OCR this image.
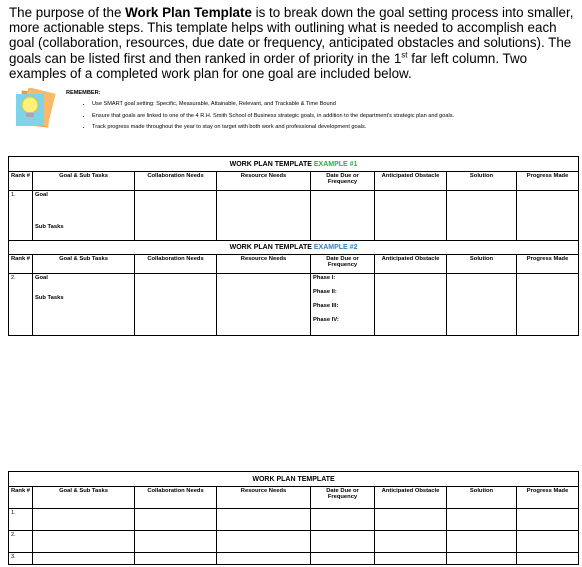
The purpose of the Work Plan Template is to break down the goal setting process into smaller, more actionable steps. This template helps with outlining what is needed to accomplish each goal (collaboration, resources, due date or frequency, anticipated obstacles and solutions). The goals can be listed first and then ranked in order of priority in the 1st far left column. Two examples of a completed work plan for one goal are included below.
REMEMBER:
• Use SMART goal setting: Specific, Measurable, Attainable, Relevant, and Trackable & Time Bound
• Ensure that goals are linked to one of the 4 R.H. Smith School of Business strategic goals, in addition to the department's strategic plan and goals.
• Track progress made throughout the year to stay on target with both work and professional development goals.
WORK PLAN TEMPLATE EXAMPLE #1							
Rank #	Goal & Sub Tasks	Collaboration Needs	Resource Needs	Date Due or Frequency	Anticipated Obstacle	Solution	Progress Made
1.	Goal
Sub Tasks						

WORK PLAN TEMPLATE EXAMPLE #2							
Rank #	Goal & Sub Tasks	Collaboration Needs	Resource Needs	Date Due or Frequency	Anticipated Obstacle	Solution	Progress Made
2.	Goal
Sub Tasks			Phase I:
Phase II:
Phase III:
Phase IV:			

WORK PLAN TEMPLATE							
Rank #	Goal & Sub Tasks	Collaboration Needs	Resource Needs	Date Due or Frequency	Anticipated Obstacle	Solution	Progress Made
1.							
2.							
3.							
